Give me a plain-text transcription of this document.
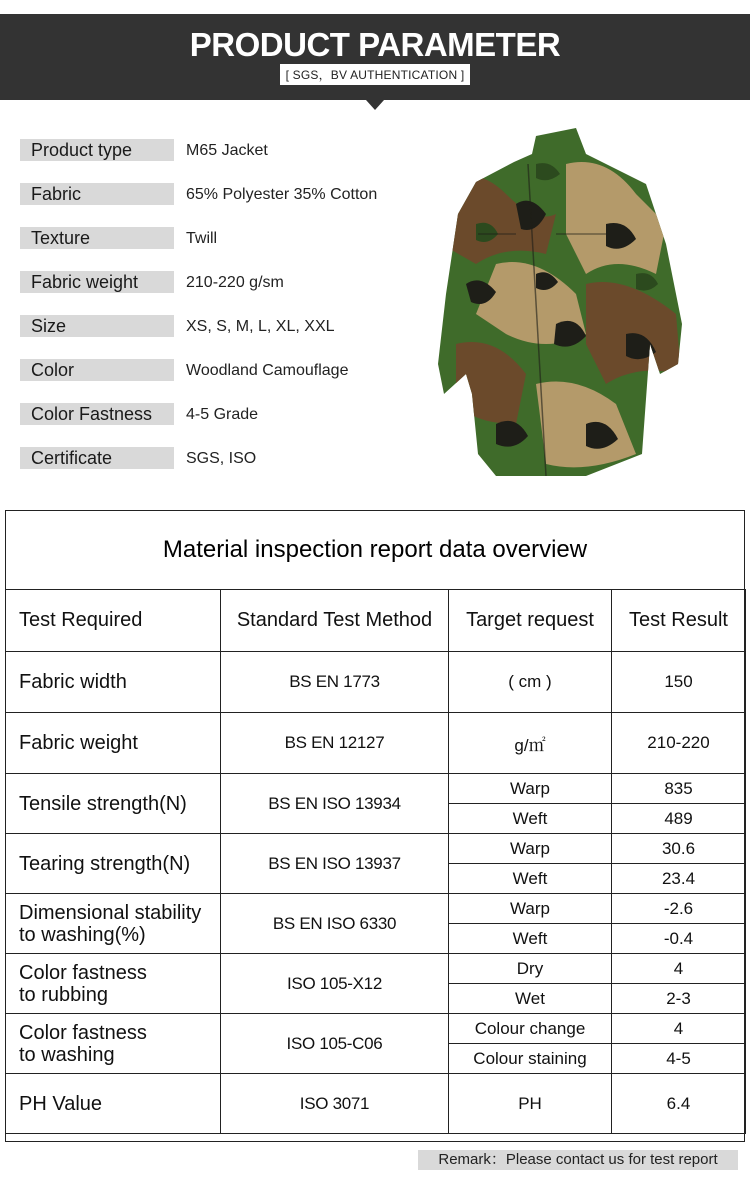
PRODUCT PARAMETER
[ SGS，BV AUTHENTICATION ]
Product type	M65 Jacket
Fabric	65% Polyester 35% Cotton
Texture	Twill
Fabric weight	210-220 g/sm
Size	XS, S, M, L, XL, XXL
Color	Woodland Camouflage
Color Fastness	4-5 Grade
Certificate	SGS, ISO
Material inspection report data overview
Test Required	Standard Test Method	Target request	Test Result
Fabric width	BS EN 1773	( cm )	150
Fabric weight	BS EN 12127	g/㎡	210-220
Tensile strength(N)	BS EN ISO 13934	Warp	835
		Weft	489
Tearing strength(N)	BS EN ISO 13937	Warp	30.6
		Weft	23.4

Dimensional stability
to washing(%)	BS EN ISO 6330	Warp	-2.6
		Weft	-0.4

Color fastness
to rubbing	ISO 105-X12	Dry	4
		Wet	2-3

Color fastness
to washing	ISO 105-C06	Colour change	4
		Colour staining	4-5
PH Value	ISO 3071	PH	6.4
Remark：Please contact us for test report
